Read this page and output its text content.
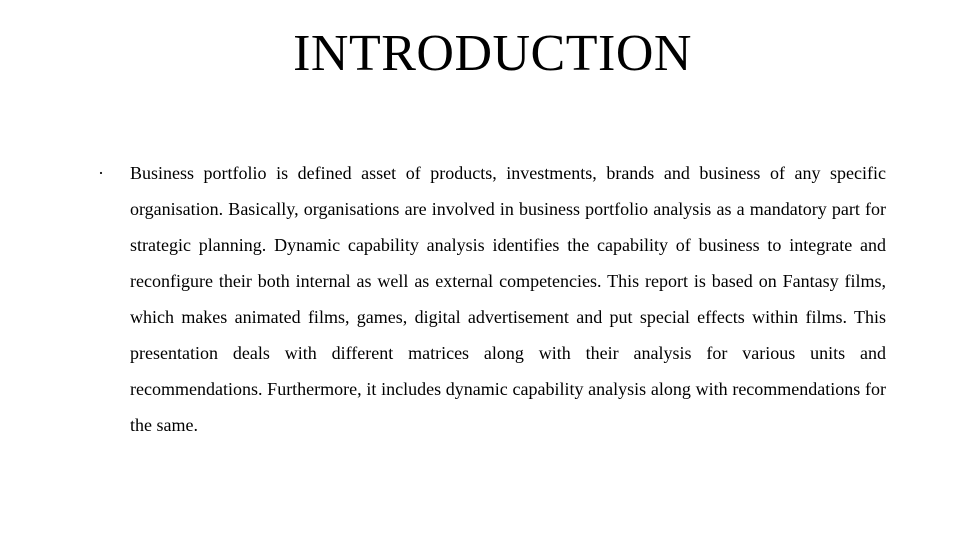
INTRODUCTION
· Business portfolio is defined asset of products, investments, brands and business of any specific organisation. Basically, organisations are involved in business portfolio analysis as a mandatory part for strategic planning. Dynamic capability analysis identifies the capability of business to integrate and reconfigure their both internal as well as external competencies. This report is based on Fantasy films, which makes animated films, games, digital advertisement and put special effects within films. This presentation deals with different matrices along with their analysis for various units and recommendations. Furthermore, it includes dynamic capability analysis along with recommendations for the same.
